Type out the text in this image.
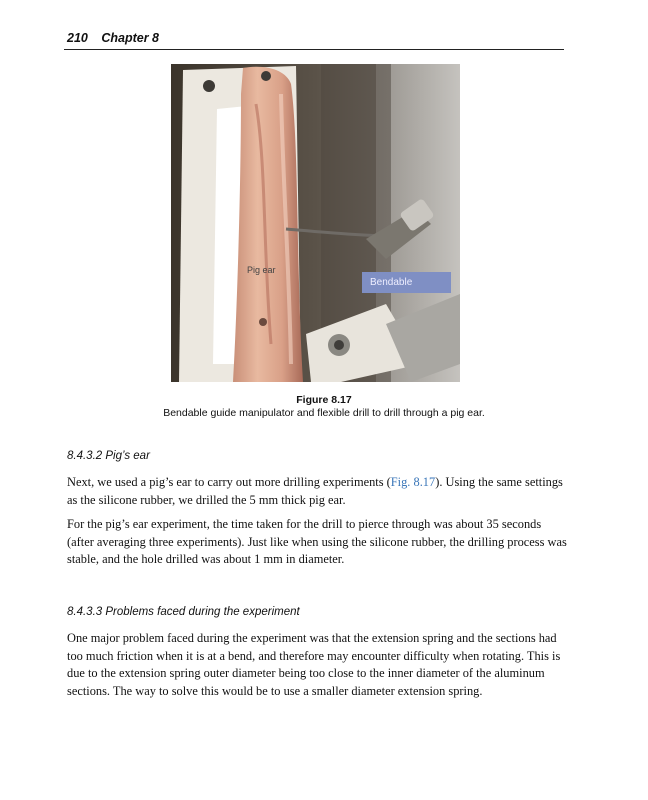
210 Chapter 8
Pig ear
Bendable
Figure 8.17
Bendable guide manipulator and flexible drill to drill through a pig ear.
8.4.3.2 Pig’s ear

Next, we used a pig’s ear to carry out more drilling experiments (Fig. 8.17). Using the same settings as the silicone rubber, we drilled the 5 mm thick pig ear.

For the pig’s ear experiment, the time taken for the drill to pierce through was about 35 seconds (after averaging three experiments). Just like when using the silicone rubber, the drilling process was stable, and the hole drilled was about 1 mm in diameter.

8.4.3.3 Problems faced during the experiment

One major problem faced during the experiment was that the extension spring and the sections had too much friction when it is at a bend, and therefore may encounter difficulty when rotating. This is due to the extension spring outer diameter being too close to the inner diameter of the aluminum sections. The way to solve this would be to use a smaller diameter extension spring.
